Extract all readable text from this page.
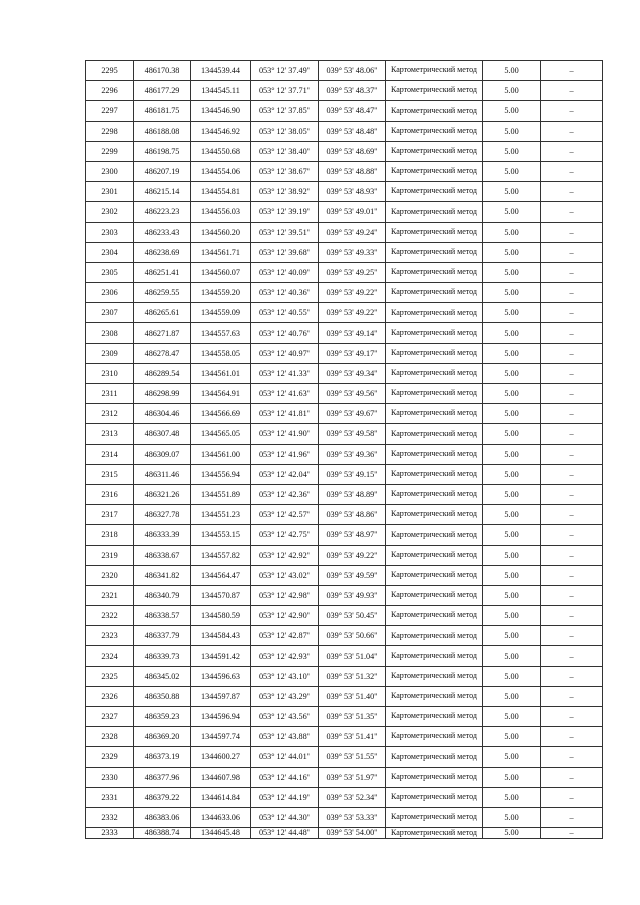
2295	486170.38	1344539.44	053° 12' 37.49"	039° 53' 48.06"	Картометрический метод	5.00	–
2296	486177.29	1344545.11	053° 12' 37.71"	039° 53' 48.37"	Картометрический метод	5.00	–
2297	486181.75	1344546.90	053° 12' 37.85"	039° 53' 48.47"	Картометрический метод	5.00	–
2298	486188.08	1344546.92	053° 12' 38.05"	039° 53' 48.48"	Картометрический метод	5.00	–
2299	486198.75	1344550.68	053° 12' 38.40"	039° 53' 48.69"	Картометрический метод	5.00	–
2300	486207.19	1344554.06	053° 12' 38.67"	039° 53' 48.88"	Картометрический метод	5.00	–
2301	486215.14	1344554.81	053° 12' 38.92"	039° 53' 48.93"	Картометрический метод	5.00	–
2302	486223.23	1344556.03	053° 12' 39.19"	039° 53' 49.01"	Картометрический метод	5.00	–
2303	486233.43	1344560.20	053° 12' 39.51"	039° 53' 49.24"	Картометрический метод	5.00	–
2304	486238.69	1344561.71	053° 12' 39.68"	039° 53' 49.33"	Картометрический метод	5.00	–
2305	486251.41	1344560.07	053° 12' 40.09"	039° 53' 49.25"	Картометрический метод	5.00	–
2306	486259.55	1344559.20	053° 12' 40.36"	039° 53' 49.22"	Картометрический метод	5.00	–
2307	486265.61	1344559.09	053° 12' 40.55"	039° 53' 49.22"	Картометрический метод	5.00	–
2308	486271.87	1344557.63	053° 12' 40.76"	039° 53' 49.14"	Картометрический метод	5.00	–
2309	486278.47	1344558.05	053° 12' 40.97"	039° 53' 49.17"	Картометрический метод	5.00	–
2310	486289.54	1344561.01	053° 12' 41.33"	039° 53' 49.34"	Картометрический метод	5.00	–
2311	486298.99	1344564.91	053° 12' 41.63"	039° 53' 49.56"	Картометрический метод	5.00	–
2312	486304.46	1344566.69	053° 12' 41.81"	039° 53' 49.67"	Картометрический метод	5.00	–
2313	486307.48	1344565.05	053° 12' 41.90"	039° 53' 49.58"	Картометрический метод	5.00	–
2314	486309.07	1344561.00	053° 12' 41.96"	039° 53' 49.36"	Картометрический метод	5.00	–
2315	486311.46	1344556.94	053° 12' 42.04"	039° 53' 49.15"	Картометрический метод	5.00	–
2316	486321.26	1344551.89	053° 12' 42.36"	039° 53' 48.89"	Картометрический метод	5.00	–
2317	486327.78	1344551.23	053° 12' 42.57"	039° 53' 48.86"	Картометрический метод	5.00	–
2318	486333.39	1344553.15	053° 12' 42.75"	039° 53' 48.97"	Картометрический метод	5.00	–
2319	486338.67	1344557.82	053° 12' 42.92"	039° 53' 49.22"	Картометрический метод	5.00	–
2320	486341.82	1344564.47	053° 12' 43.02"	039° 53' 49.59"	Картометрический метод	5.00	–
2321	486340.79	1344570.87	053° 12' 42.98"	039° 53' 49.93"	Картометрический метод	5.00	–
2322	486338.57	1344580.59	053° 12' 42.90"	039° 53' 50.45"	Картометрический метод	5.00	–
2323	486337.79	1344584.43	053° 12' 42.87"	039° 53' 50.66"	Картометрический метод	5.00	–
2324	486339.73	1344591.42	053° 12' 42.93"	039° 53' 51.04"	Картометрический метод	5.00	–
2325	486345.02	1344596.63	053° 12' 43.10"	039° 53' 51.32"	Картометрический метод	5.00	–
2326	486350.88	1344597.87	053° 12' 43.29"	039° 53' 51.40"	Картометрический метод	5.00	–
2327	486359.23	1344596.94	053° 12' 43.56"	039° 53' 51.35"	Картометрический метод	5.00	–
2328	486369.20	1344597.74	053° 12' 43.88"	039° 53' 51.41"	Картометрический метод	5.00	–
2329	486373.19	1344600.27	053° 12' 44.01"	039° 53' 51.55"	Картометрический метод	5.00	–
2330	486377.96	1344607.98	053° 12' 44.16"	039° 53' 51.97"	Картометрический метод	5.00	–
2331	486379.22	1344614.84	053° 12' 44.19"	039° 53' 52.34"	Картометрический метод	5.00	–
2332	486383.06	1344633.06	053° 12' 44.30"	039° 53' 53.33"	Картометрический метод	5.00	–
2333	486388.74	1344645.48	053° 12' 44.48"	039° 53' 54.00"	Картометрический метод	5.00	–
